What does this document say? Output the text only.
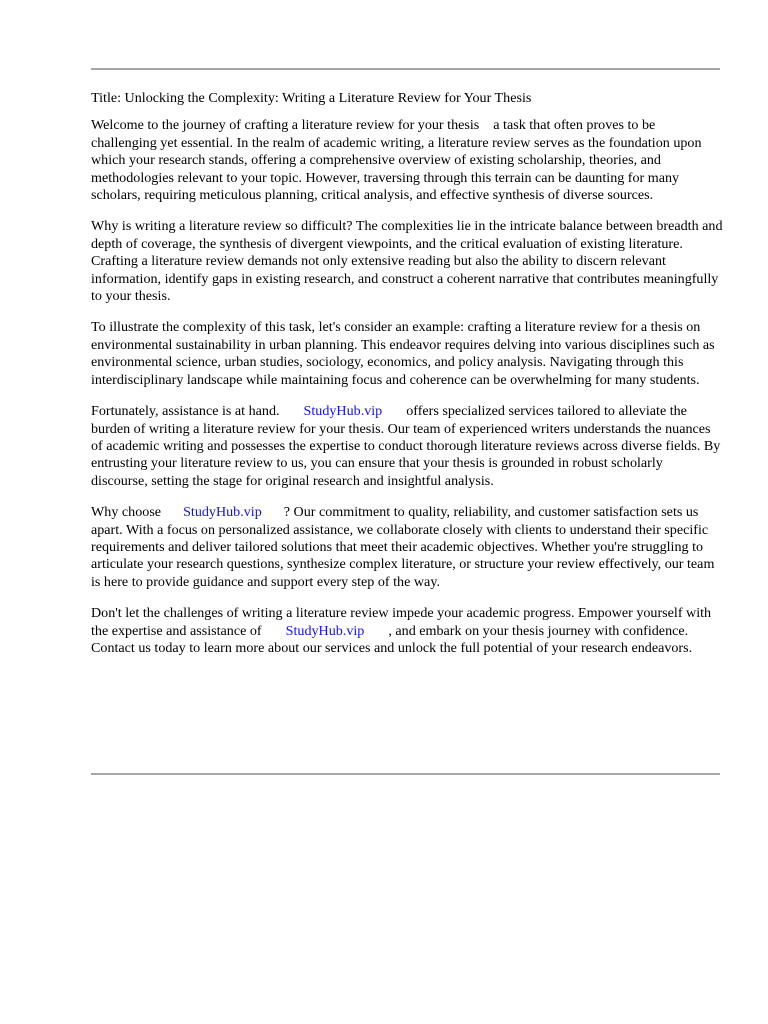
Title: Unlocking the Complexity: Writing a Literature Review for Your Thesis

Welcome to the journey of crafting a literature review for your thesis a task that often proves to be challenging yet essential. In the realm of academic writing, a literature review serves as the foundation upon which your research stands, offering a comprehensive overview of existing scholarship, theories, and methodologies relevant to your topic. However, traversing through this terrain can be daunting for many scholars, requiring meticulous planning, critical analysis, and effective synthesis of diverse sources.

Why is writing a literature review so difficult? The complexities lie in the intricate balance between breadth and depth of coverage, the synthesis of divergent viewpoints, and the critical evaluation of existing literature. Crafting a literature review demands not only extensive reading but also the ability to discern relevant information, identify gaps in existing research, and construct a coherent narrative that contributes meaningfully to your thesis.

To illustrate the complexity of this task, let's consider an example: crafting a literature review for a thesis on environmental sustainability in urban planning. This endeavor requires delving into various disciplines such as environmental science, urban studies, sociology, economics, and policy analysis. Navigating through this interdisciplinary landscape while maintaining focus and coherence can be overwhelming for many students.

Fortunately, assistance is at hand. StudyHub.vip offers specialized services tailored to alleviate the burden of writing a literature review for your thesis. Our team of experienced writers understands the nuances of academic writing and possesses the expertise to conduct thorough literature reviews across diverse fields. By entrusting your literature review to us, you can ensure that your thesis is grounded in robust scholarly discourse, setting the stage for original research and insightful analysis.

Why choose StudyHub.vip ? Our commitment to quality, reliability, and customer satisfaction sets us apart. With a focus on personalized assistance, we collaborate closely with clients to understand their specific requirements and deliver tailored solutions that meet their academic objectives. Whether you're struggling to articulate your research questions, synthesize complex literature, or structure your review effectively, our team is here to provide guidance and support every step of the way.

Don't let the challenges of writing a literature review impede your academic progress. Empower yourself with the expertise and assistance of StudyHub.vip , and embark on your thesis journey with confidence. Contact us today to learn more about our services and unlock the full potential of your research endeavors.
